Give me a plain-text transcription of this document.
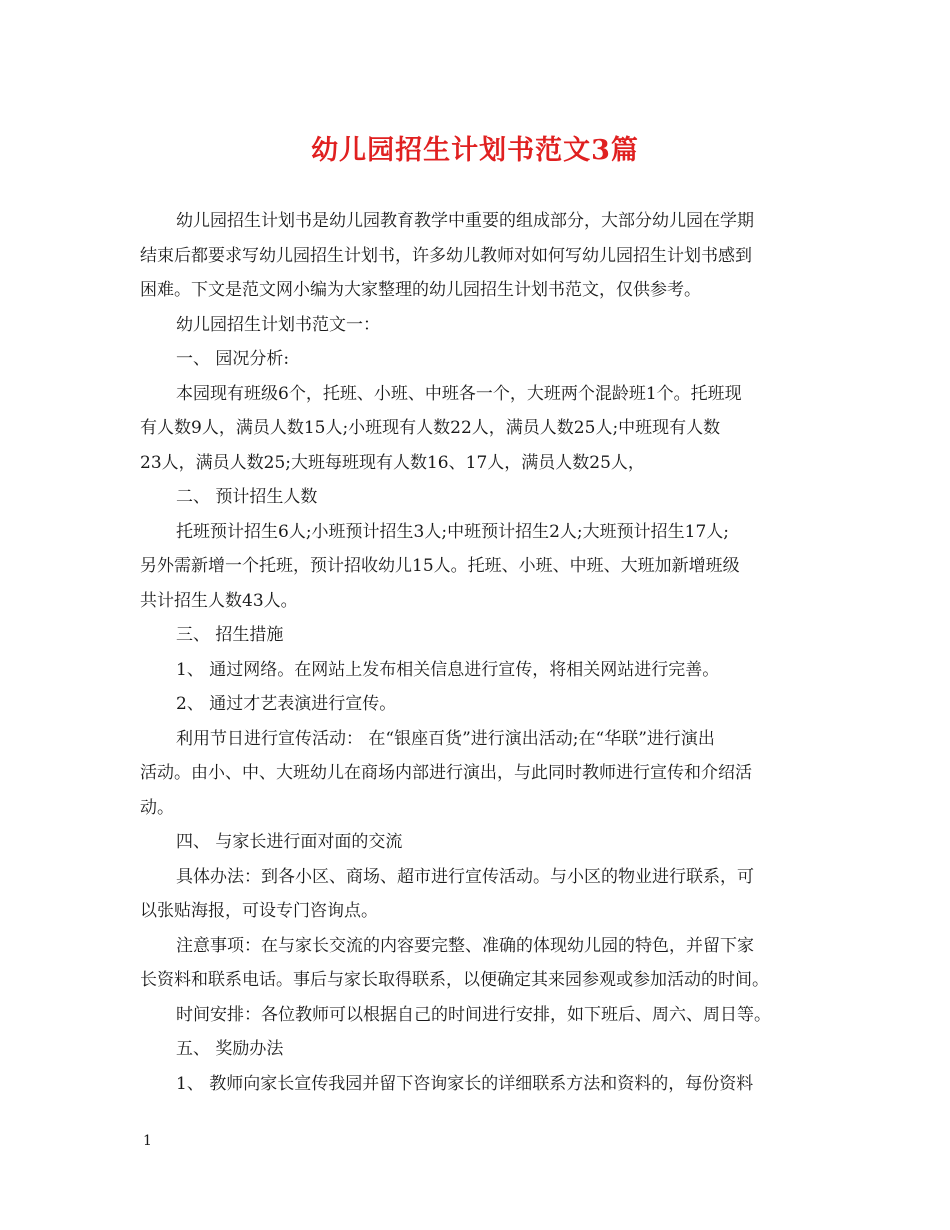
幼儿园招生计划书范文3篇
幼儿园招生计划书是幼儿园教育教学中重要的组成部分，大部分幼儿园在学期
结束后都要求写幼儿园招生计划书，许多幼儿教师对如何写幼儿园招生计划书感到
困难。下文是范文网小编为大家整理的幼儿园招生计划书范文，仅供参考。
幼儿园招生计划书范文一：
一、 园况分析:
本园现有班级6个，托班、小班、中班各一个，大班两个混龄班1个。托班现
有人数9人，满员人数15人;小班现有人数22人，满员人数25人;中班现有人数
23人，满员人数25;大班每班现有人数16、17人，满员人数25人，
二、 预计招生人数
托班预计招生6人;小班预计招生3人;中班预计招生2人;大班预计招生17人;
另外需新增一个托班，预计招收幼儿15人。托班、小班、中班、大班加新增班级
共计招生人数43人。
三、 招生措施
1、 通过网络。在网站上发布相关信息进行宣传，将相关网站进行完善。
2、 通过才艺表演进行宣传。
利用节日进行宣传活动： 在“银座百货”进行演出活动;在“华联”进行演出
活动。由小、中、大班幼儿在商场内部进行演出，与此同时教师进行宣传和介绍活
动。
四、 与家长进行面对面的交流
具体办法：到各小区、商场、超市进行宣传活动。与小区的物业进行联系，可
以张贴海报，可设专门咨询点。
注意事项：在与家长交流的内容要完整、准确的体现幼儿园的特色，并留下家
长资料和联系电话。事后与家长取得联系，以便确定其来园参观或参加活动的时间。
时间安排：各位教师可以根据自己的时间进行安排，如下班后、周六、周日等。
五、 奖励办法
1、 教师向家长宣传我园并留下咨询家长的详细联系方法和资料的，每份资料
1
